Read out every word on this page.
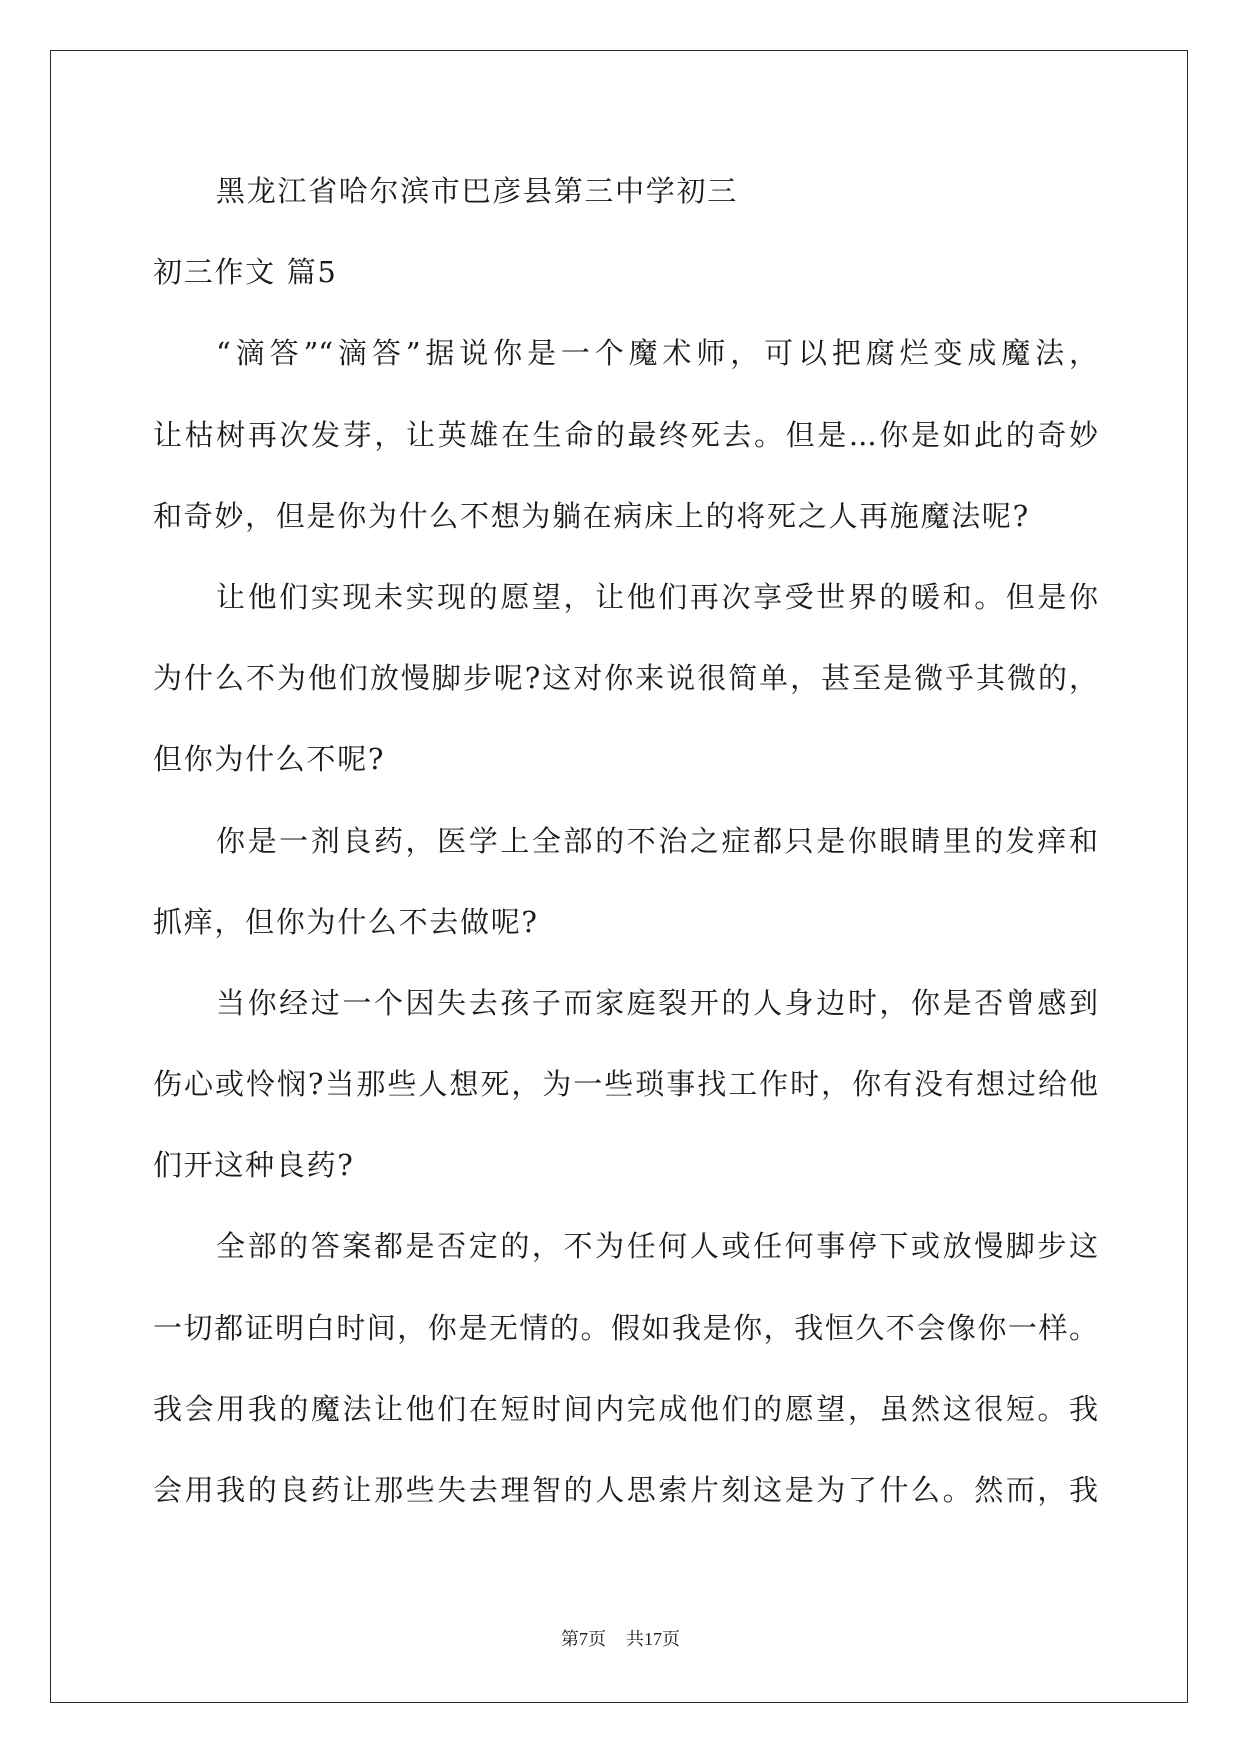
黑龙江省哈尔滨市巴彦县第三中学初三
初三作文 篇5
“滴答”“滴答”据说你是一个魔术师，可以把腐烂变成魔法，
让枯树再次发芽，让英雄在生命的最终死去。但是...你是如此的奇妙
和奇妙，但是你为什么不想为躺在病床上的将死之人再施魔法呢?
让他们实现未实现的愿望，让他们再次享受世界的暖和。但是你
为什么不为他们放慢脚步呢?这对你来说很简单，甚至是微乎其微的，
但你为什么不呢?
你是一剂良药，医学上全部的不治之症都只是你眼睛里的发痒和
抓痒，但你为什么不去做呢?
当你经过一个因失去孩子而家庭裂开的人身边时，你是否曾感到
伤心或怜悯?当那些人想死，为一些琐事找工作时，你有没有想过给他
们开这种良药?
全部的答案都是否定的，不为任何人或任何事停下或放慢脚步这
一切都证明白时间，你是无情的。假如我是你，我恒久不会像你一样。
我会用我的魔法让他们在短时间内完成他们的愿望，虽然这很短。我
会用我的良药让那些失去理智的人思索片刻这是为了什么。然而，我
第7页 共17页
